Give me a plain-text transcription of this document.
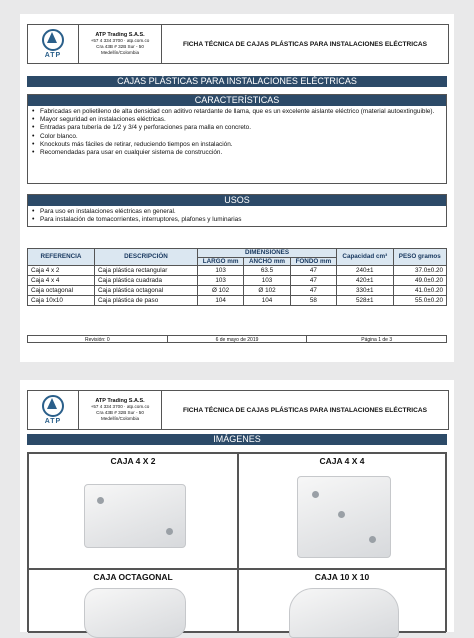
ATP
ATP Trading S.A.S.
+57 4 334 3700 · atp.com.co
Cra 43B # 32B Sur - 50
Medellín/Colombia
FICHA TÉCNICA DE CAJAS PLÁSTICAS PARA INSTALACIONES ELÉCTRICAS
CAJAS PLÁSTICAS PARA INSTALACIONES ELÉCTRICAS
CARACTERÍSTICAS
• Fabricadas en polietileno de alta densidad con aditivo retardante de llama, que es un excelente aislante eléctrico (material autoextinguible).
• Mayor seguridad en instalaciones eléctricas.
• Entradas para tubería de 1/2 y 3/4 y perforaciones para malla en concreto.
• Color blanco.
• Knockouts más fáciles de retirar, reduciendo tiempos en instalación.
• Recomendadas para usar en cualquier sistema de construcción.
USOS
• Para uso en instalaciones eléctricas en general.
• Para instalación de tomacorrientes, interruptores, plafones y luminarias
REFERENCIA	DESCRIPCIÓN	DIMENSIONES			Capacidad cm³	PESO gramos
		LARGO mm	ANCHO mm	FONDO mm		
Caja 4 x 2	Caja plástica rectangular	103	63.5	47	240±1	37.0±0.20
Caja 4 x 4	Caja plástica cuadrada	103	103	47	420±1	49.0±0.20
Caja octagonal	Caja plástica octagonal	Ø 102	Ø 102	47	330±1	41.0±0.20
Caja 10x10	Caja plástica de paso	104	104	58	528±1	55.0±0.20
Revisión: 0	6 de mayo de 2019	Página 1 de 3
ATP
ATP Trading S.A.S.
+57 4 334 3700 · atp.com.co
Cra 43B # 32B Sur - 50
Medellín/Colombia
FICHA TÉCNICA DE CAJAS PLÁSTICAS PARA INSTALACIONES ELÉCTRICAS
IMÁGENES
CAJA 4 X 2	CAJA 4 X 4
CAJA OCTAGONAL	CAJA 10 X 10
